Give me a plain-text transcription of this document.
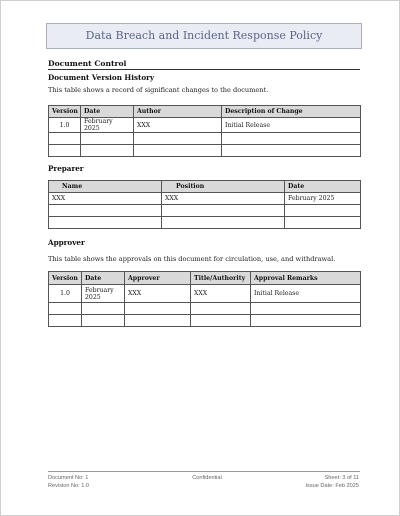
Data Breach and Incident Response Policy
Document Control
Document Version History
This table shows a record of significant changes to the document.
Version	Date	Author	Description of Change
1.0	February 2025	XXX	Initial Release

Preparer
Name	Position	Date
XXX	XXX	February 2025

Approver
This table shows the approvals on this document for circulation, use, and withdrawal.
Version	Date	Approver	Title/Authority	Approval Remarks
1.0	February 2025	XXX	XXX	Initial Release

Document No: 1
Revision No: 1.0
Confidential	Sheet: 3 of 11
Issue Date: Feb 2025
